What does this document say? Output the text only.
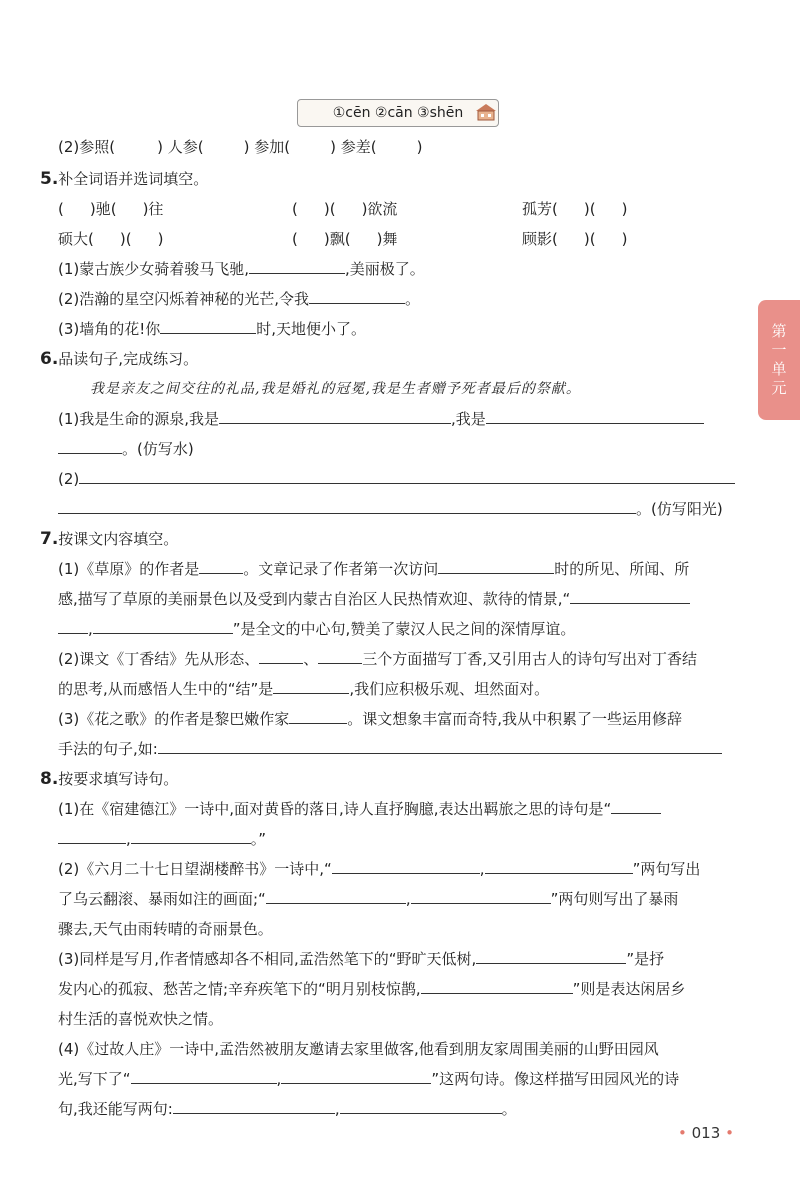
①cēn ②cān ③shēn
第
一
单
元
(2)参照(	) 人参(	) 参加(	) 参差(	)
5.补全词语并选词填空。
( )驰( )往	( )( )欲流	孤芳( )( )
硕大( )( )	( )飘( )舞	顾影( )( )
(1)蒙古族少女骑着骏马飞驰,	,美丽极了。
(2)浩瀚的星空闪烁着神秘的光芒,令我	。
(3)墙角的花!你	时,天地便小了。
6.品读句子,完成练习。
我是亲友之间交往的礼品,我是婚礼的冠冕,我是生者赠予死者最后的祭献。
(1)我是生命的源泉,我是	,我是
。(仿写水)
(2)
。(仿写阳光)
7.按课文内容填空。
(1)《草原》的作者是	。文章记录了作者第一次访问	时的所见、所闻、所
感,描写了草原的美丽景色以及受到内蒙古自治区人民热情欢迎、款待的情景,“
,	”是全文的中心句,赞美了蒙汉人民之间的深情厚谊。
(2)课文《丁香结》先从形态、	、	三个方面描写丁香,又引用古人的诗句写出对丁香结
的思考,从而感悟人生中的“结”是	,我们应积极乐观、坦然面对。
(3)《花之歌》的作者是黎巴嫩作家	。课文想象丰富而奇特,我从中积累了一些运用修辞
手法的句子,如:
8.按要求填写诗句。
(1)在《宿建德江》一诗中,面对黄昏的落日,诗人直抒胸臆,表达出羁旅之思的诗句是“
,	。”
(2)《六月二十七日望湖楼醉书》一诗中,“	,	”两句写出
了乌云翻滚、暴雨如注的画面;“	,	”两句则写出了暴雨
骤去,天气由雨转晴的奇丽景色。
(3)同样是写月,作者情感却各不相同,孟浩然笔下的“野旷天低树,	”是抒
发内心的孤寂、愁苦之情;辛弃疾笔下的“明月别枝惊鹊,	”则是表达闲居乡
村生活的喜悦欢快之情。
(4)《过故人庄》一诗中,孟浩然被朋友邀请去家里做客,他看到朋友家周围美丽的山野田园风
光,写下了“	,	”这两句诗。像这样描写田园风光的诗
句,我还能写两句:	,	。
• 013 •
